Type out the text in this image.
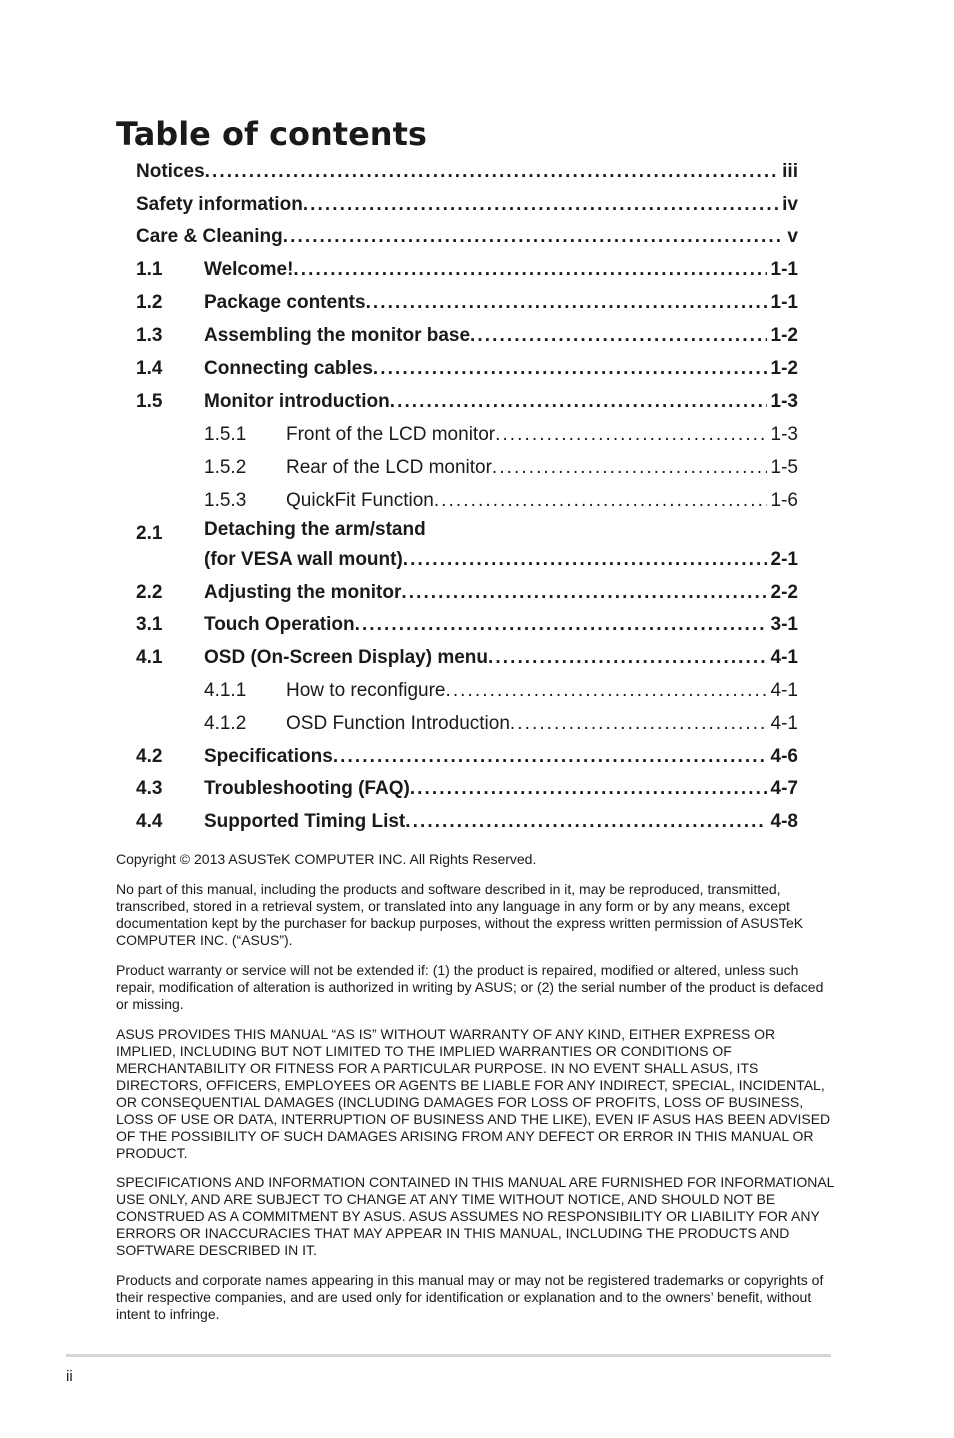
Table of contents
Notices . . .	iii
Safety information . . .	iv
Care & Cleaning . . .	v
1.1	Welcome! . . .	1-1
1.2	Package contents . . .	1-1
1.3	Assembling the monitor base . . .	1-2
1.4	Connecting cables . . .	1-2
1.5	Monitor introduction . . .	1-3
1.5.1	Front of the LCD monitor . . .	1-3
1.5.2	Rear of the LCD monitor . . .	1-5
1.5.3	QuickFit Function . . .	1-6
2.1	Detaching the arm/stand
(for VESA wall mount) . . .	2-1
2.2	Adjusting the monitor . . .	2-2
3.1	Touch Operation . . .	3-1
4.1	OSD (On-Screen Display) menu . . .	4-1
4.1.1	How to reconfigure . . .	4-1
4.1.2	OSD Function Introduction . . .	4-1
4.2	Specifications . . .	4-6
4.3	Troubleshooting (FAQ) . . .	4-7
4.4	Supported Timing List . . .	4-8

Copyright © 2013 ASUSTeK COMPUTER INC. All Rights Reserved.

No part of this manual, including the products and software described in it, may be reproduced, transmitted, transcribed, stored in a retrieval system, or translated into any language in any form or by any means, except documentation kept by the purchaser for backup purposes, without the express written permission of ASUSTeK COMPUTER INC. (“ASUS”).

Product warranty or service will not be extended if: (1) the product is repaired, modified or altered, unless such repair, modification of alteration is authorized in writing by ASUS; or (2) the serial number of the product is defaced or missing.

ASUS PROVIDES THIS MANUAL “AS IS” WITHOUT WARRANTY OF ANY KIND, EITHER EXPRESS OR IMPLIED, INCLUDING BUT NOT LIMITED TO THE IMPLIED WARRANTIES OR CONDITIONS OF MERCHANTABILITY OR FITNESS FOR A PARTICULAR PURPOSE. IN NO EVENT SHALL ASUS, ITS DIRECTORS, OFFICERS, EMPLOYEES OR AGENTS BE LIABLE FOR ANY INDIRECT, SPECIAL, INCIDENTAL, OR CONSEQUENTIAL DAMAGES (INCLUDING DAMAGES FOR LOSS OF PROFITS, LOSS OF BUSINESS, LOSS OF USE OR DATA, INTERRUPTION OF BUSINESS AND THE LIKE), EVEN IF ASUS HAS BEEN ADVISED OF THE POSSIBILITY OF SUCH DAMAGES ARISING FROM ANY DEFECT OR ERROR IN THIS MANUAL OR PRODUCT.

SPECIFICATIONS AND INFORMATION CONTAINED IN THIS MANUAL ARE FURNISHED FOR INFORMATIONAL USE ONLY, AND ARE SUBJECT TO CHANGE AT ANY TIME WITHOUT NOTICE, AND SHOULD NOT BE CONSTRUED AS A COMMITMENT BY ASUS. ASUS ASSUMES NO RESPONSIBILITY OR LIABILITY FOR ANY ERRORS OR INACCURACIES THAT MAY APPEAR IN THIS MANUAL, INCLUDING THE PRODUCTS AND SOFTWARE DESCRIBED IN IT.

Products and corporate names appearing in this manual may or may not be registered trademarks or copyrights of their respective companies, and are used only for identification or explanation and to the owners’ benefit, without intent to infringe.

ii
